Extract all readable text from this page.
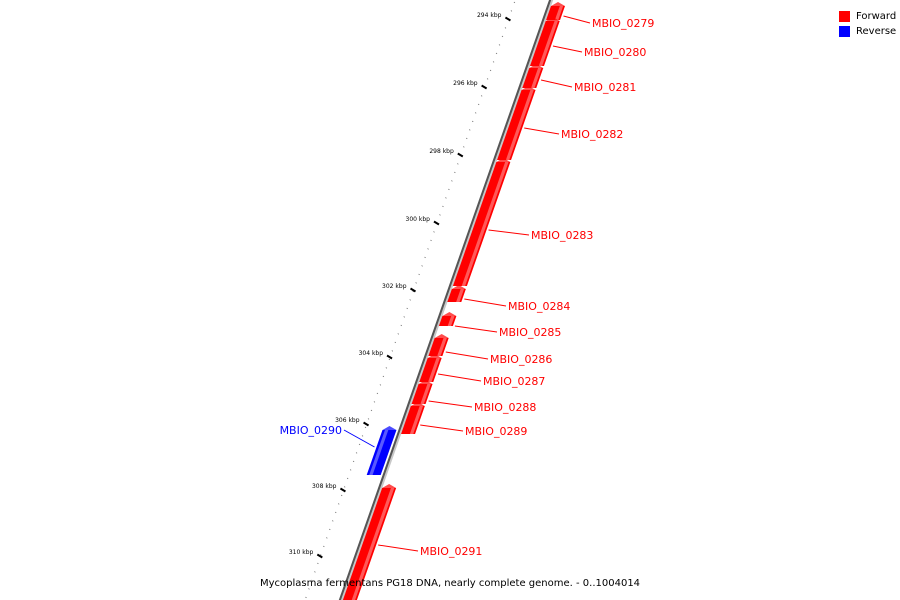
294 kbp
296 kbp
298 kbp
300 kbp
302 kbp
304 kbp
306 kbp
308 kbp
310 kbp
MBIO_0279
MBIO_0280
MBIO_0281
MBIO_0282
MBIO_0283
MBIO_0284
MBIO_0285
MBIO_0286
MBIO_0287
MBIO_0288
MBIO_0289
MBIO_0290
MBIO_0291
Forward
Reverse
Mycoplasma fermentans PG18 DNA, nearly complete genome. - 0..1004014
